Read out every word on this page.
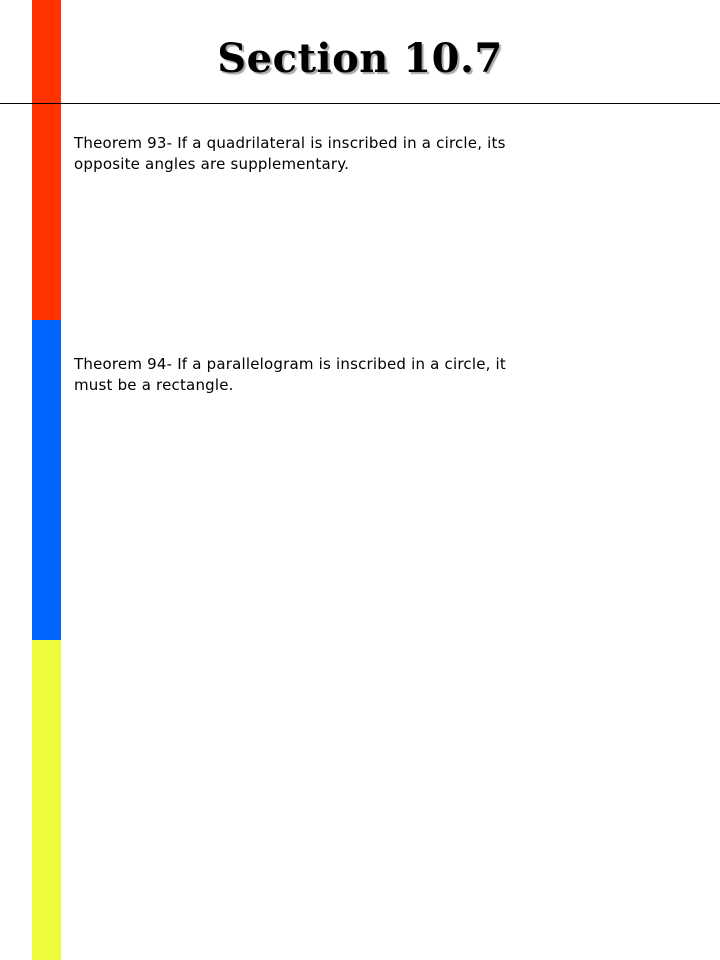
Section 10.7
Theorem 93- If a quadrilateral is inscribed in a circle, its opposite angles are supplementary.
Theorem 94- If a parallelogram is inscribed in a circle, it must be a rectangle.
